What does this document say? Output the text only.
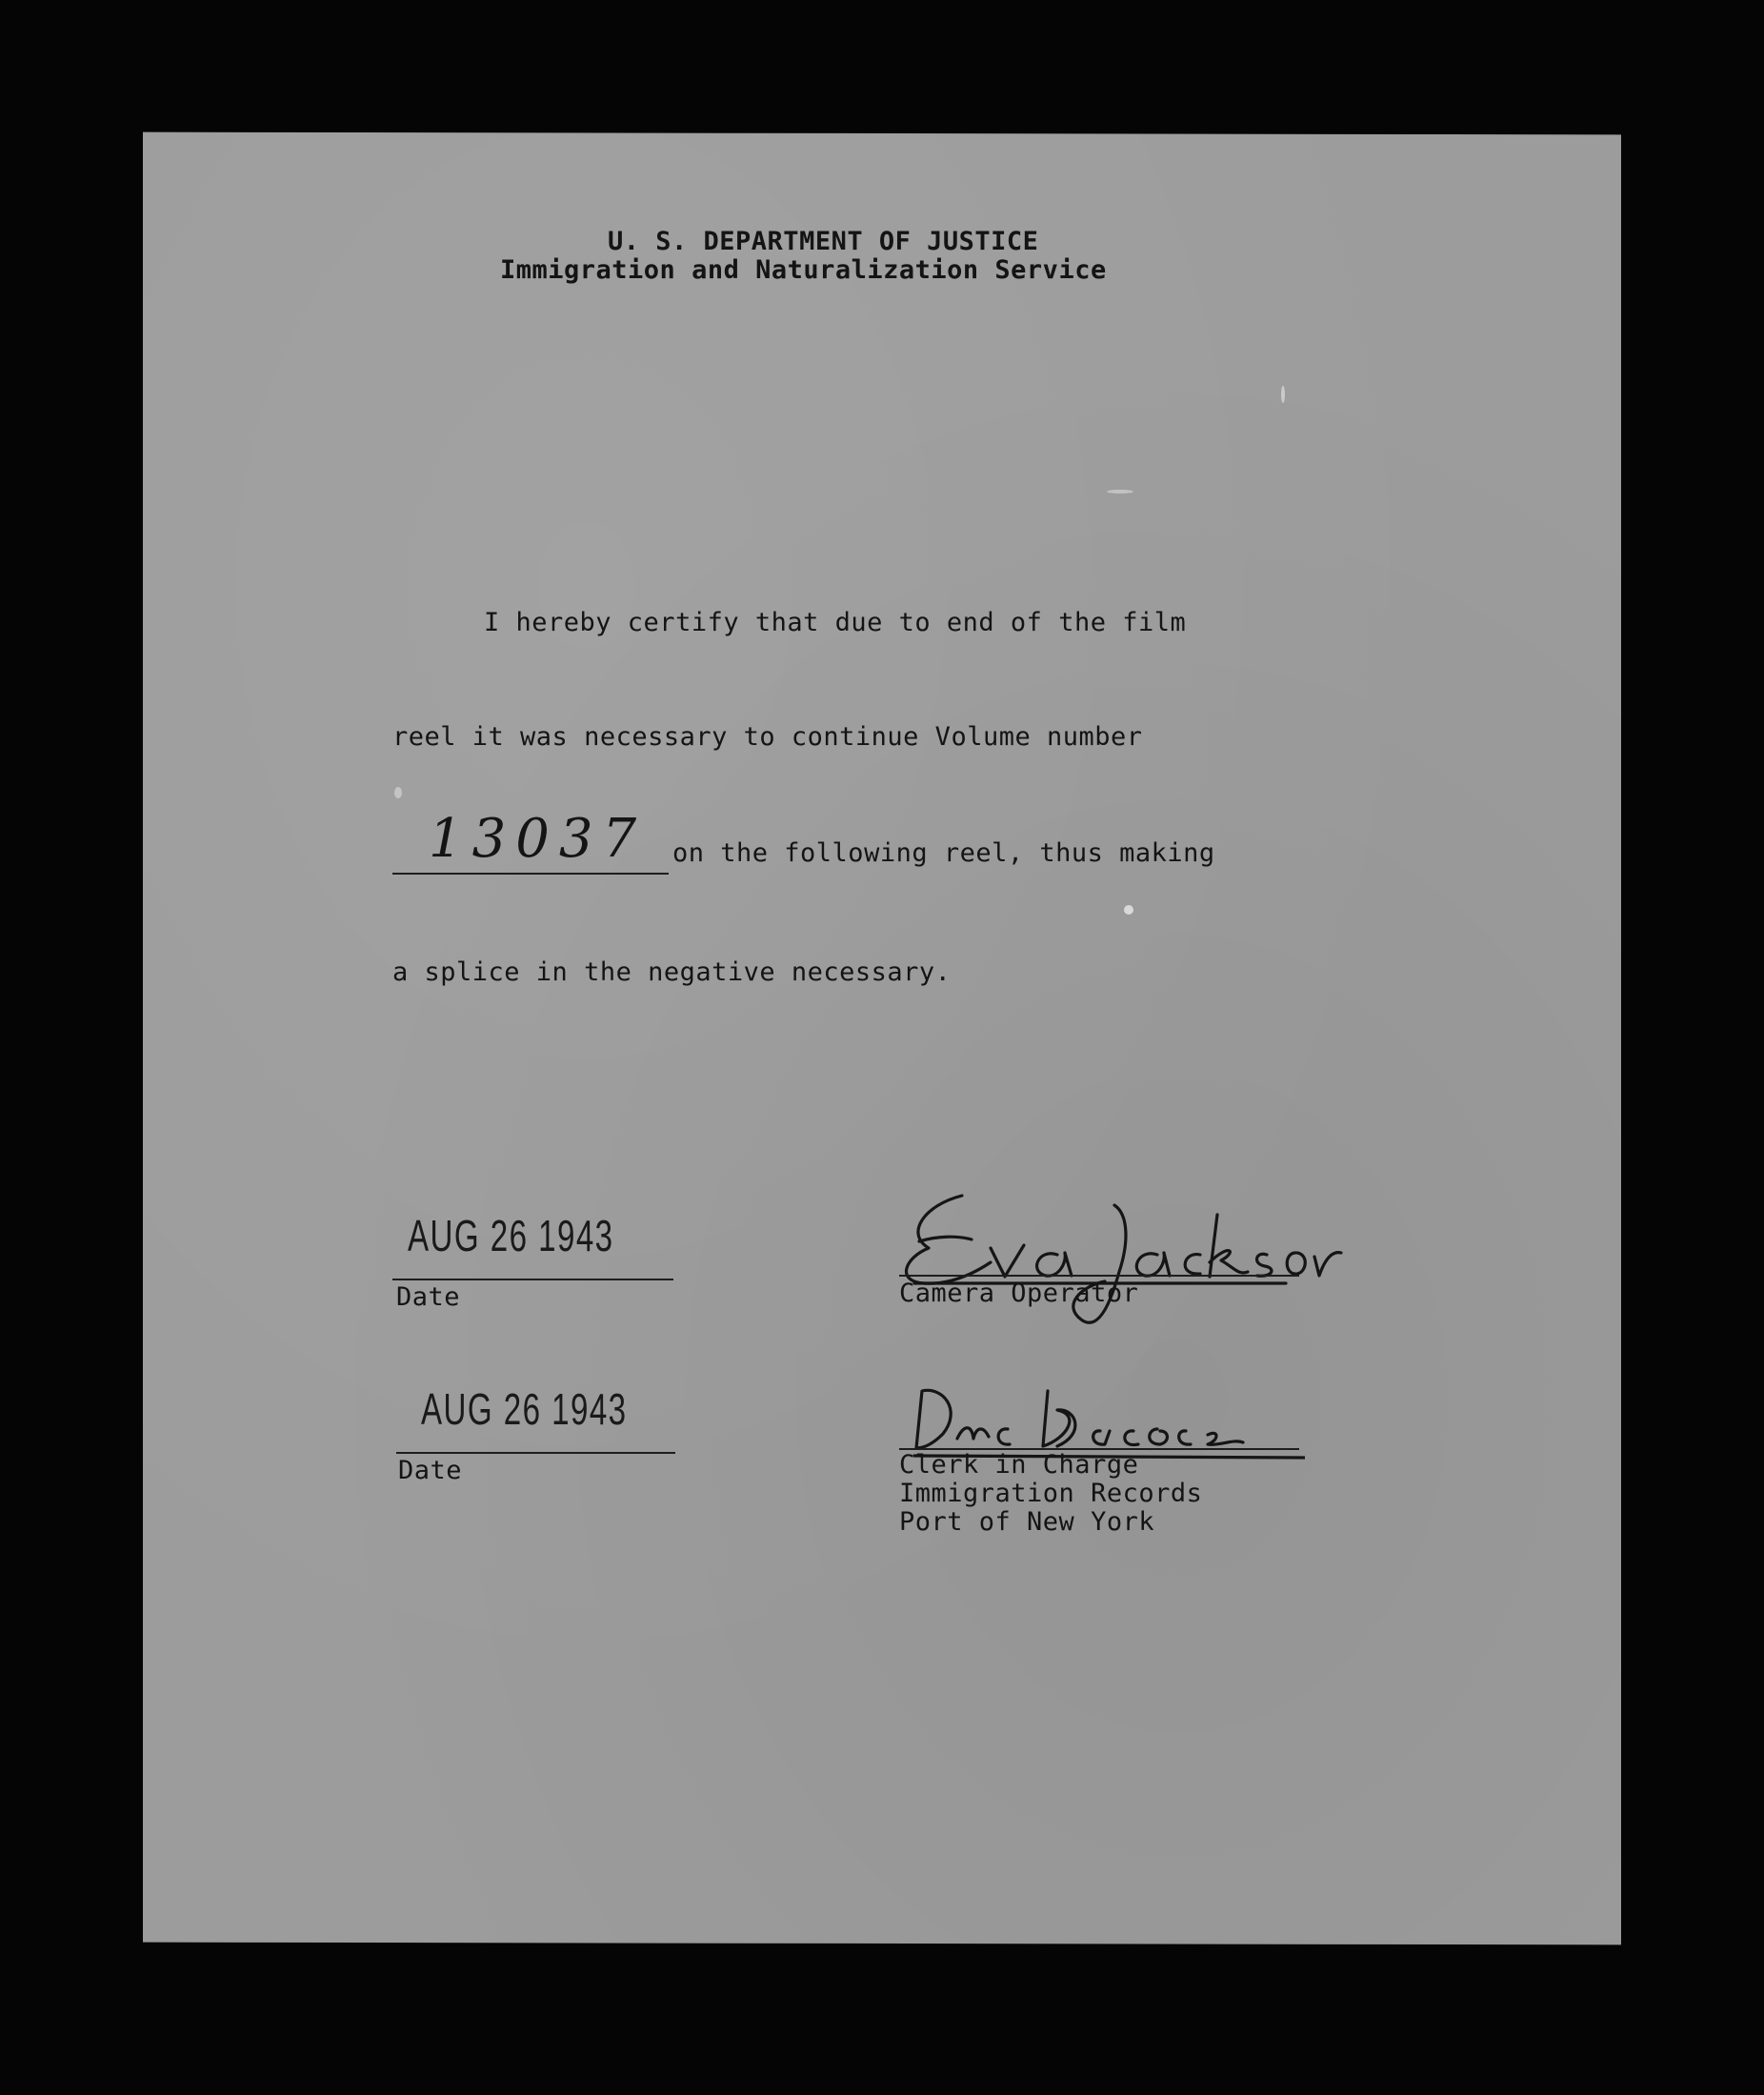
U. S. DEPARTMENT OF JUSTICE
Immigration and Naturalization Service
I hereby certify that due to end of the film
reel it was necessary to continue Volume number
13037 on the following reel, thus making
a splice in the negative necessary.
AUG 26 1943
Date	Camera Operator
AUG 26 1943
Date	Clerk in Charge
Immigration Records
Port of New York
